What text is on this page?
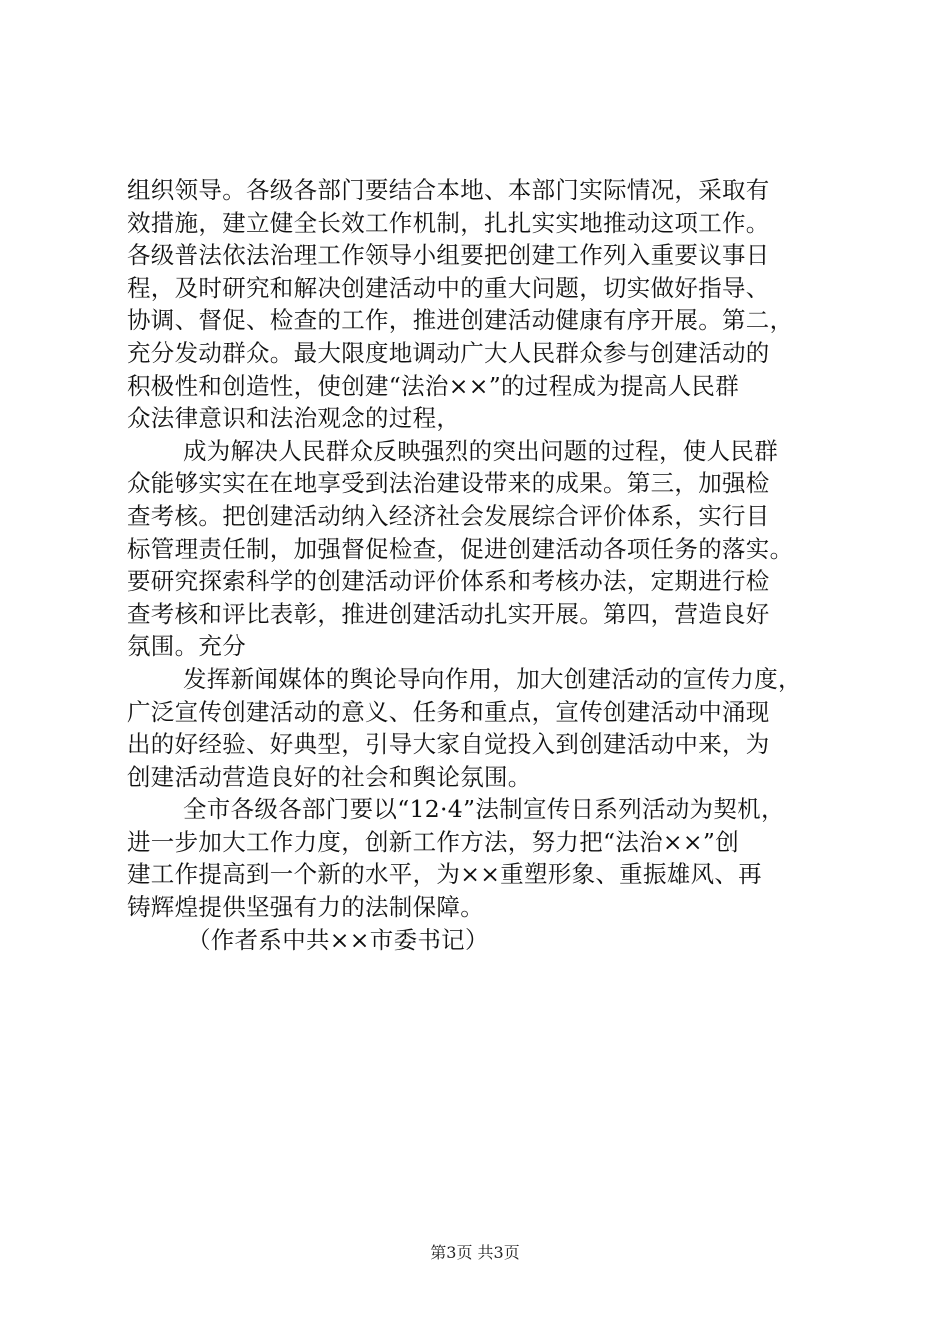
组织领导。各级各部门要结合本地、本部门实际情况，采取有
效措施，建立健全长效工作机制，扎扎实实地推动这项工作。
各级普法依法治理工作领导小组要把创建工作列入重要议事日
程，及时研究和解决创建活动中的重大问题，切实做好指导、
协调、督促、检查的工作，推进创建活动健康有序开展。第二，
充分发动群众。最大限度地调动广大人民群众参与创建活动的
积极性和创造性，使创建“法治××”的过程成为提高人民群
众法律意识和法治观念的过程，
成为解决人民群众反映强烈的突出问题的过程，使人民群
众能够实实在在地享受到法治建设带来的成果。第三，加强检
查考核。把创建活动纳入经济社会发展综合评价体系，实行目
标管理责任制，加强督促检查，促进创建活动各项任务的落实。
要研究探索科学的创建活动评价体系和考核办法，定期进行检
查考核和评比表彰，推进创建活动扎实开展。第四，营造良好
氛围。充分
发挥新闻媒体的舆论导向作用，加大创建活动的宣传力度，
广泛宣传创建活动的意义、任务和重点，宣传创建活动中涌现
出的好经验、好典型，引导大家自觉投入到创建活动中来，为
创建活动营造良好的社会和舆论氛围。
全市各级各部门要以“12·4”法制宣传日系列活动为契机，
进一步加大工作力度，创新工作方法，努力把“法治××”创
建工作提高到一个新的水平，为××重塑形象、重振雄风、再
铸辉煌提供坚强有力的法制保障。
（作者系中共××市委书记）
第3页 共3页
